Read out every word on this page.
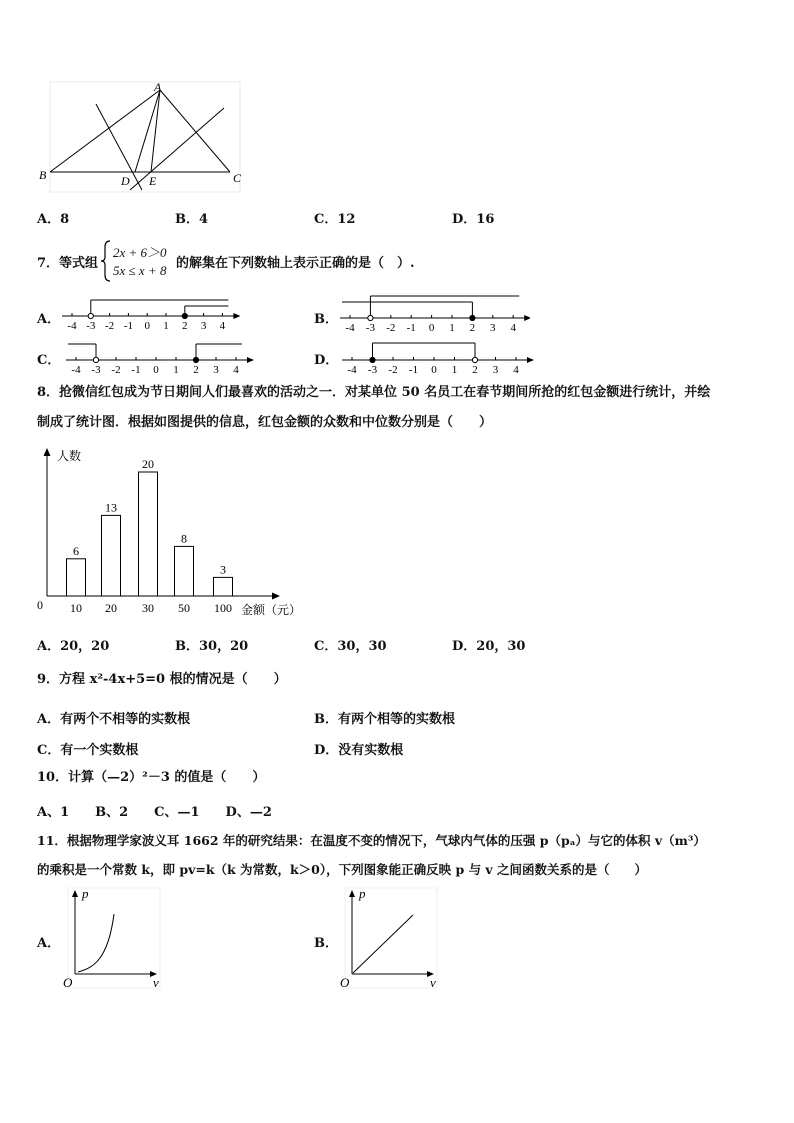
A
B	C
D E
A．8	B．4	C．12	D．16
7．等式组
2x + 6＞0
5x ≤ x + 8 的解集在下列数轴上表示正确的是（　）.
A．	B．
C．	D．
-4 -3 -2 -1 0 1 2 3 4	-4 -3 -2 -1 0 1 2 3 4
-4 -3 -2 -1 0 1 2 3 4	-4 -3 -2 -1 0 1 2 3 4
8．抢微信红包成为节日期间人们最喜欢的活动之一．对某单位 50 名员工在春节期间所抢的红包金额进行统计，并绘
制成了统计图．根据如图提供的信息，红包金额的众数和中位数分别是（　　）
人数
金额（元）
0
6
10
13
20
20
30
8
50
3
100
A．20，20	B．30，20	C．30，30	D．20，30
9．方程 x²-4x+5=0 根的情况是（　　）
A．有两个不相等的实数根	B．有两个相等的实数根
C．有一个实数根	D．没有实数根
10．计算（—2）²－3 的值是（　　）
A、1　　B、2　　C、—1　　D、—2
11．根据物理学家波义耳 1662 年的研究结果：在温度不变的情况下，气球内气体的压强 p（pₐ）与它的体积 v（m³）
的乘积是一个常数 k，即 pv=k（k 为常数，k＞0），下列图象能正确反映 p 与 v 之间函数关系的是（　　）
A．	B．
p
v
O
p
v
O
